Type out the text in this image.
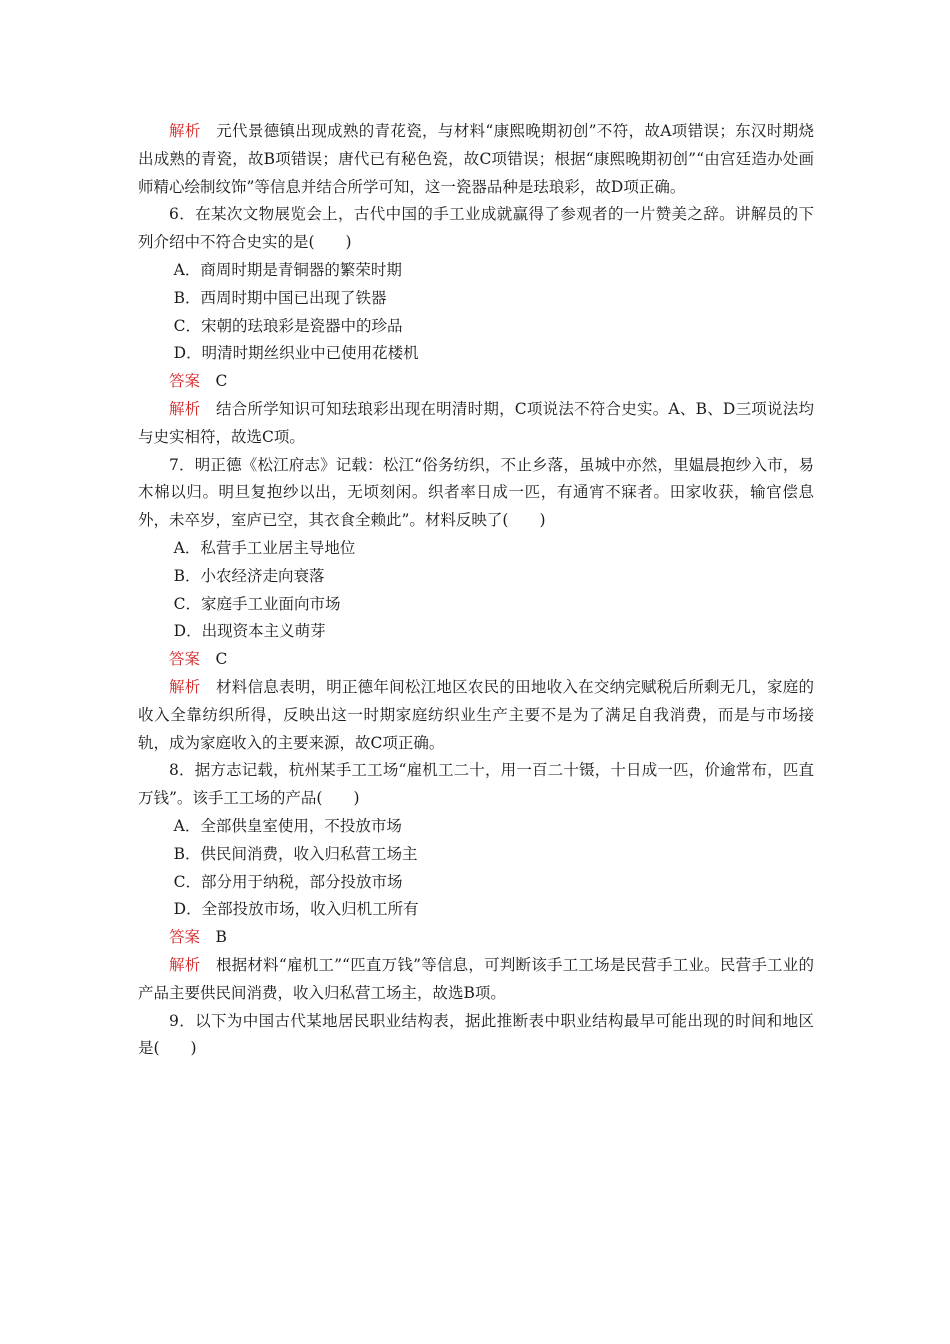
解析 元代景德镇出现成熟的青花瓷，与材料“康熙晚期初创”不符，故A项错误；东汉时期烧出成熟的青瓷，故B项错误；唐代已有秘色瓷，故C项错误；根据“康熙晚期初创”“由宫廷造办处画师精心绘制纹饰”等信息并结合所学可知，这一瓷器品种是珐琅彩，故D项正确。

6．在某次文物展览会上，古代中国的手工业成就赢得了参观者的一片赞美之辞。讲解员的下列介绍中不符合史实的是(　　)

A．商周时期是青铜器的繁荣时期

B．西周时期中国已出现了铁器

C．宋朝的珐琅彩是瓷器中的珍品

D．明清时期丝织业中已使用花楼机

答案 C

解析 结合所学知识可知珐琅彩出现在明清时期，C项说法不符合史实。A、B、D三项说法均与史实相符，故选C项。

7．明正德《松江府志》记载：松江“俗务纺织，不止乡落，虽城中亦然，里媪晨抱纱入市，易木棉以归。明旦复抱纱以出，无顷刻闲。织者率日成一匹，有通宵不寐者。田家收获，输官偿息外，未卒岁，室庐已空，其衣食全赖此”。材料反映了(　　)

A．私营手工业居主导地位

B．小农经济走向衰落

C．家庭手工业面向市场

D．出现资本主义萌芽

答案 C

解析 材料信息表明，明正德年间松江地区农民的田地收入在交纳完赋税后所剩无几，家庭的收入全靠纺织所得，反映出这一时期家庭纺织业生产主要不是为了满足自我消费，而是与市场接轨，成为家庭收入的主要来源，故C项正确。

8．据方志记载，杭州某手工工场“雇机工二十，用一百二十镊，十日成一匹，价逾常布，匹直万钱”。该手工工场的产品(　　)

A．全部供皇室使用，不投放市场

B．供民间消费，收入归私营工场主

C．部分用于纳税，部分投放市场

D．全部投放市场，收入归机工所有

答案 B

解析 根据材料“雇机工”“匹直万钱”等信息，可判断该手工工场是民营手工业。民营手工业的产品主要供民间消费，收入归私营工场主，故选B项。

9．以下为中国古代某地居民职业结构表，据此推断表中职业结构最早可能出现的时间和地区是(　　)
